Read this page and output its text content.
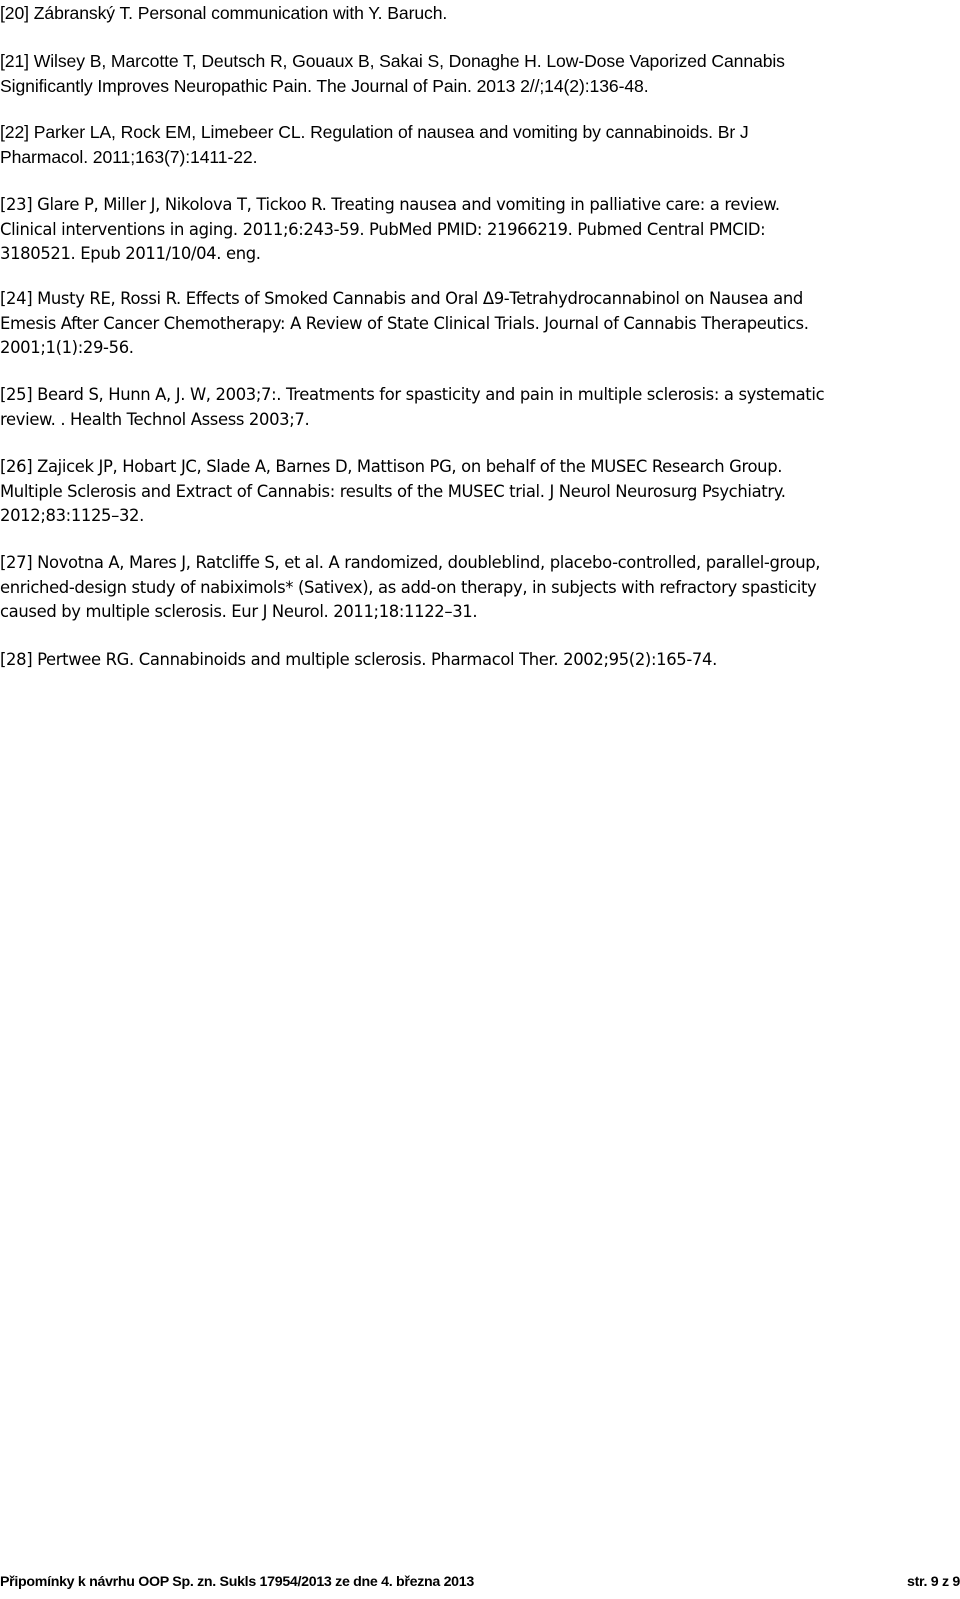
[20] Zábranský T. Personal communication with Y. Baruch.

[21] Wilsey B, Marcotte T, Deutsch R, Gouaux B, Sakai S, Donaghe H. Low-Dose Vaporized Cannabis

Significantly Improves Neuropathic Pain. The Journal of Pain. 2013 2//;14(2):136-48.

[22] Parker LA, Rock EM, Limebeer CL. Regulation of nausea and vomiting by cannabinoids. Br J

Pharmacol. 2011;163(7):1411-22.

[23] Glare P, Miller J, Nikolova T, Tickoo R. Treating nausea and vomiting in palliative care: a review.

Clinical interventions in aging. 2011;6:243-59. PubMed PMID: 21966219. Pubmed Central PMCID:

3180521. Epub 2011/10/04. eng.

[24] Musty RE, Rossi R. Effects of Smoked Cannabis and Oral Δ9-Tetrahydrocannabinol on Nausea and

Emesis After Cancer Chemotherapy: A Review of State Clinical Trials. Journal of Cannabis Therapeutics.

2001;1(1):29-56.

[25] Beard S, Hunn A, J. W, 2003;7:. Treatments for spasticity and pain in multiple sclerosis: a systematic

review. . Health Technol Assess 2003;7.

[26] Zajicek JP, Hobart JC, Slade A, Barnes D, Mattison PG, on behalf of the MUSEC Research Group.

Multiple Sclerosis and Extract of Cannabis: results of the MUSEC trial. J Neurol Neurosurg Psychiatry.

2012;83:1125–32.

[27] Novotna A, Mares J, Ratcliffe S, et al. A randomized, doubleblind, placebo-controlled, parallel-group,

enriched-design study of nabiximols* (Sativex), as add-on therapy, in subjects with refractory spasticity

caused by multiple sclerosis. Eur J Neurol. 2011;18:1122–31.

[28] Pertwee RG. Cannabinoids and multiple sclerosis. Pharmacol Ther. 2002;95(2):165-74.

Připomínky k návrhu OOP Sp. zn. Sukls 17954/2013 ze dne 4. března 2013	str. 9 z 9
